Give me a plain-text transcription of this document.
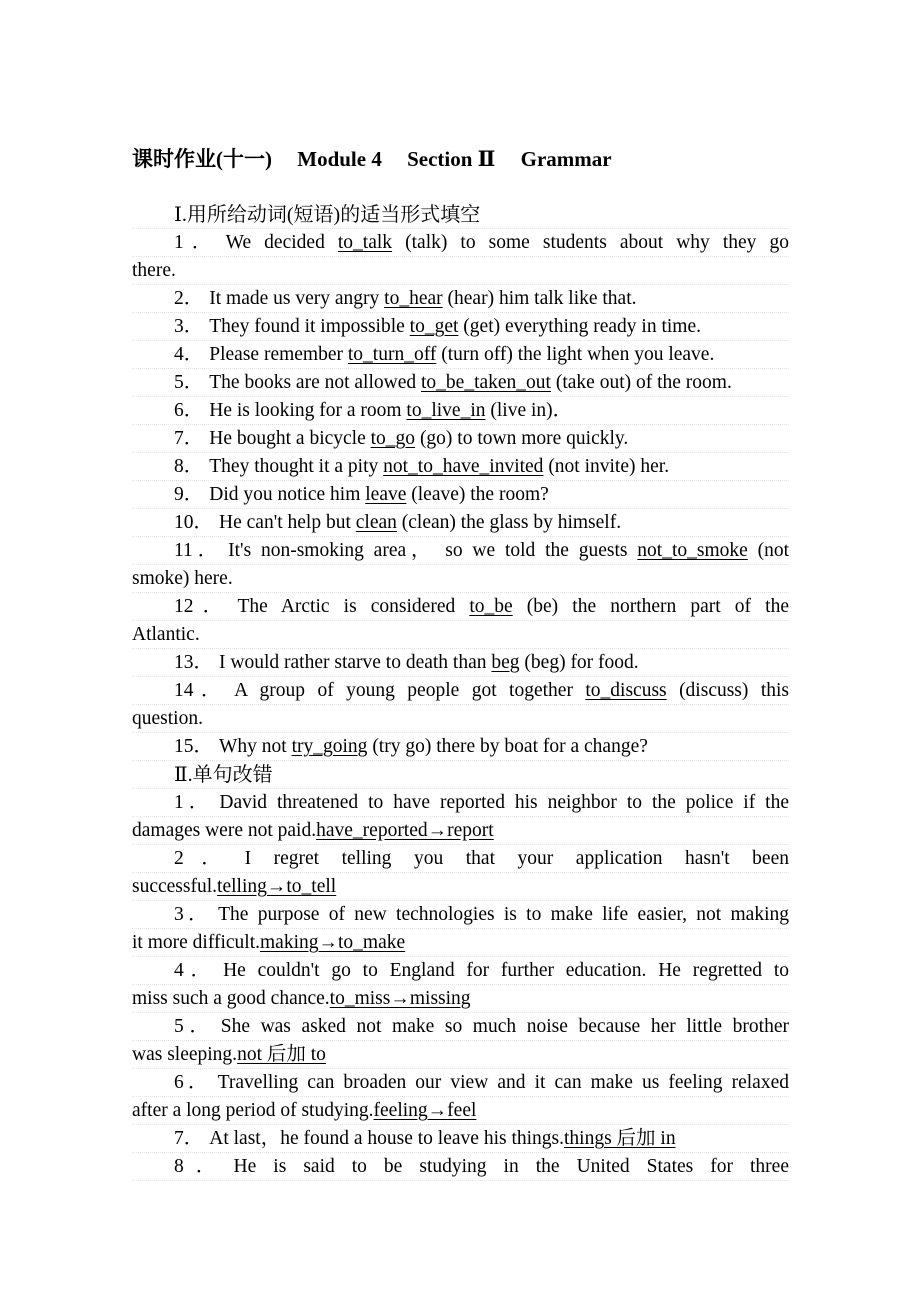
课时作业(十一) Module 4 Section Ⅱ Grammar
Ⅰ.用所给动词(短语)的适当形式填空
1． We decided to_talk (talk) to some students about why they go
there.
2． It made us very angry to_hear (hear) him talk like that.
3． They found it impossible to_get (get) everything ready in time.
4． Please remember to_turn_off (turn off) the light when you leave.
5． The books are not allowed to_be_taken_out (take out) of the room.
6． He is looking for a room to_live_in (live in)．
7． He bought a bicycle to_go (go) to town more quickly.
8． They thought it a pity not_to_have_invited (not invite) her.
9． Did you notice him leave (leave) the room?
10． He can't help but clean (clean) the glass by himself.
11． It's non-smoking area， so we told the guests not_to_smoke (not
smoke) here.
12． The Arctic is considered to_be (be) the northern part of the
Atlantic.
13． I would rather starve to death than beg (beg) for food.
14． A group of young people got together to_discuss (discuss) this
question.
15． Why not try_going (try go) there by boat for a change?
Ⅱ.单句改错
1． David threatened to have reported his neighbor to the police if the
damages were not paid.have_reported→report
2． I regret telling you that your application hasn't been
successful.telling→to_tell
3． The purpose of new technologies is to make life easier, not making
it more difficult.making→to_make
4． He couldn't go to England for further education. He regretted to
miss such a good chance.to_miss→missing
5． She was asked not make so much noise because her little brother
was sleeping.not 后加 to
6． Travelling can broaden our view and it can make us feeling relaxed
after a long period of studying.feeling→feel
7． At last，he found a house to leave his things.things 后加 in
8． He is said to be studying in the United States for three
